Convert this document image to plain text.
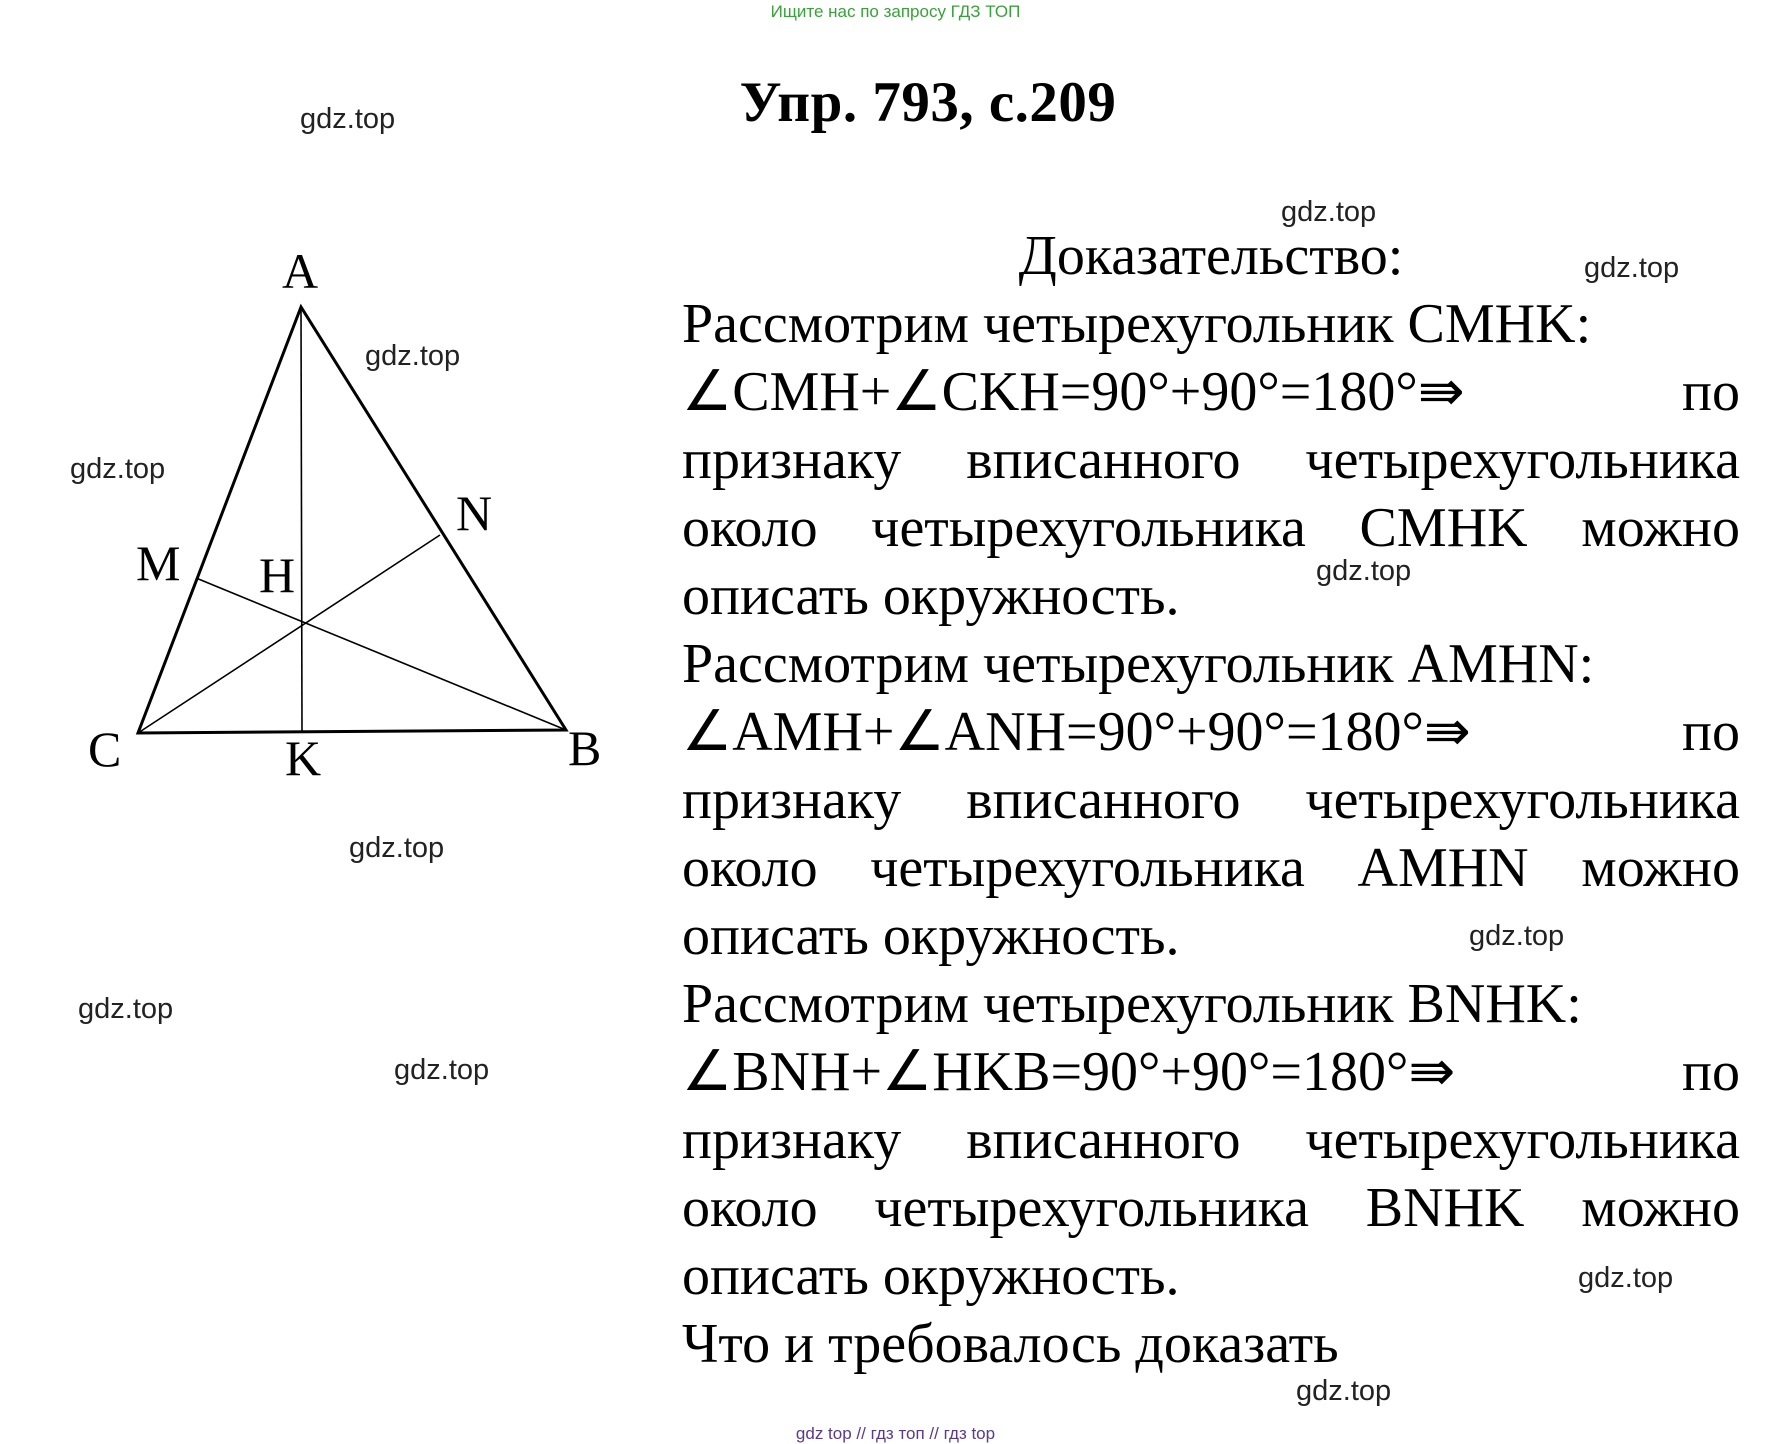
Ищите нас по запросу ГДЗ ТОП
Упр. 793, с.209
gdz.top
gdz.top
gdz.top
gdz.top
gdz.top
gdz.top
gdz.top
gdz.top
gdz.top
gdz.top
gdz.top
gdz.top
A
N
M H
C	K	B
Доказательство:
Рассмотрим четырехугольник CMHK:
∠CMH+∠CKH=90°+90°=180°⇛	по
признаку вписанного четырехугольника
около четырехугольника CMHK можно
описать окружность.
Рассмотрим четырехугольник AMHN:
∠AMH+∠ANH=90°+90°=180°⇛	по
признаку вписанного четырехугольника
около четырехугольника AMHN можно
описать окружность.
Рассмотрим четырехугольник BNHK:
∠BNH+∠HKB=90°+90°=180°⇛	по
признаку вписанного четырехугольника
около четырехугольника BNHK можно
описать окружность.
Что и требовалось доказать
gdz top // гдз топ // гдз top
